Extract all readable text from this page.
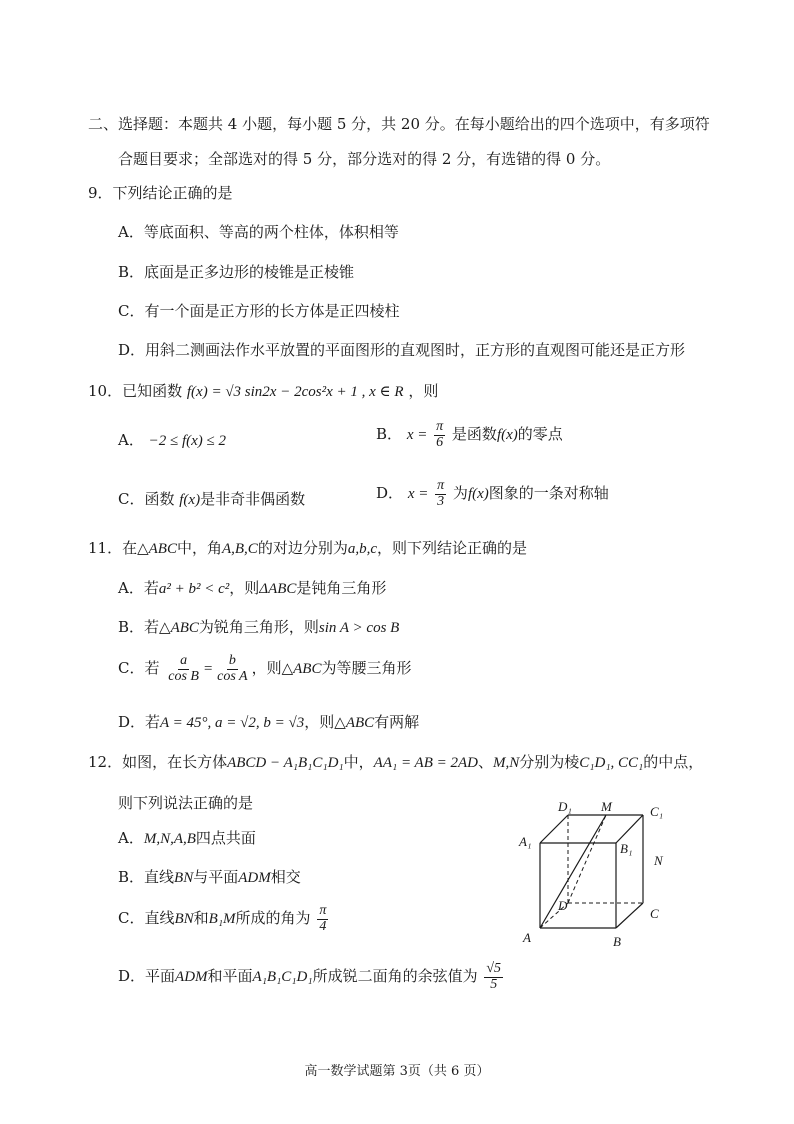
二、选择题：本题共 4 小题，每小题 5 分，共 20 分。在每小题给出的四个选项中，有多项符
合题目要求；全部选对的得 5 分，部分选对的得 2 分，有选错的得 0 分。
9．下列结论正确的是
A．等底面积、等高的两个柱体，体积相等
B．底面是正多边形的棱锥是正棱锥
C．有一个面是正方形的长方体是正四棱柱
D．用斜二测画法作水平放置的平面图形的直观图时，正方形的直观图可能还是正方形
10．已知函数 f(x) = √3 sin2x − 2cos²x + 1 , x ∈ R ，则
A． −2 ≤ f(x) ≤ 2	B． $x = \frac{\pi}{6}$ 是函数f(x)的零点
C．函数 f(x)是非奇非偶函数	D． $x = \frac{\pi}{3}$ 为f(x)图象的一条对称轴
11．在△ABC中，角A,B,C的对边分别为a,b,c，则下列结论正确的是
A．若a² + b² < c²，则ΔABC是钝角三角形
B．若△ABC为锐角三角形，则sin A > cos B
C．若 $\frac{a}{\text{cos B}} = \frac{b}{\text{cos A}}$ ，则△ABC为等腰三角形
D．若A = 45°, a = √2, b = √3，则△ABC有两解
12．如图，在长方体ABCD − A₁B₁C₁D₁中，AA₁ = AB = 2AD、M,N分别为棱C₁D₁, CC₁的中点，
则下列说法正确的是
A．M,N,A,B四点共面
B．直线BN与平面ADM相交
C．直线BN和B₁M所成的角为 $\frac{\pi}{4}$
D．平面ADM和平面A₁B₁C₁D₁所成锐二面角的余弦值为 $\frac{√5}{5}$
D₁ M	C₁
A₁	B₁
N
D
C
A	B
高一数学试题第 3页（共 6 页）
